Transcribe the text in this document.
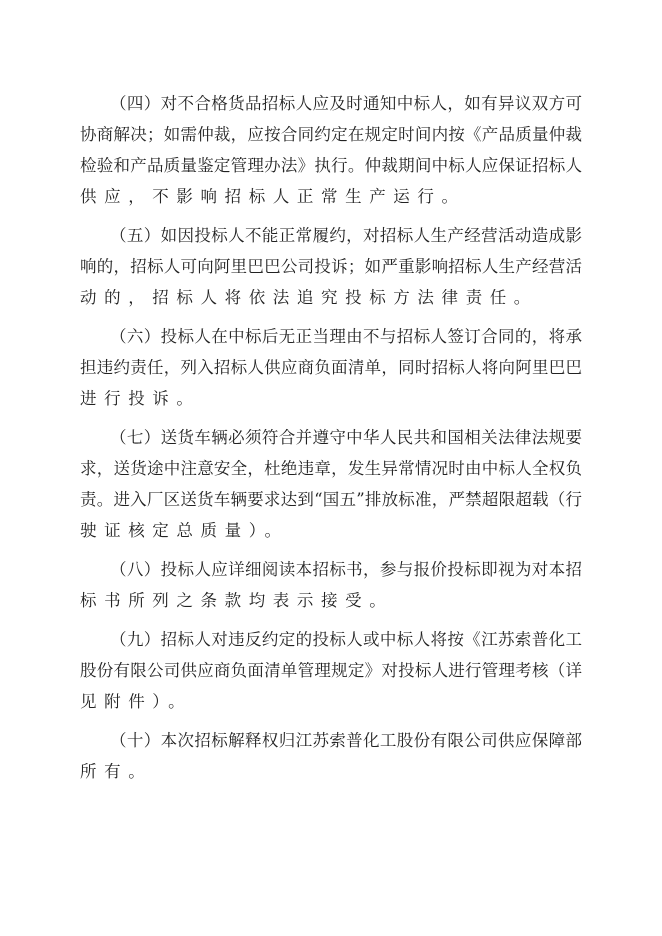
（四）对不合格货品招标人应及时通知中标人，如有异议双方可
协商解决；如需仲裁，应按合同约定在规定时间内按《产品质量仲裁
检验和产品质量鉴定管理办法》执行。仲裁期间中标人应保证招标人
供应，不影响招标人正常生产运行。
（五）如因投标人不能正常履约，对招标人生产经营活动造成影
响的，招标人可向阿里巴巴公司投诉；如严重影响招标人生产经营活
动的，招标人将依法追究投标方法律责任。
（六）投标人在中标后无正当理由不与招标人签订合同的，将承
担违约责任，列入招标人供应商负面清单，同时招标人将向阿里巴巴
进行投诉。
（七）送货车辆必须符合并遵守中华人民共和国相关法律法规要
求，送货途中注意安全，杜绝违章，发生异常情况时由中标人全权负
责。进入厂区送货车辆要求达到“国五”排放标准，严禁超限超载（行
驶证核定总质量）。
（八）投标人应详细阅读本招标书，参与报价投标即视为对本招
标书所列之条款均表示接受。
（九）招标人对违反约定的投标人或中标人将按《江苏索普化工
股份有限公司供应商负面清单管理规定》对投标人进行管理考核（详
见附件）。
（十）本次招标解释权归江苏索普化工股份有限公司供应保障部
所有。
